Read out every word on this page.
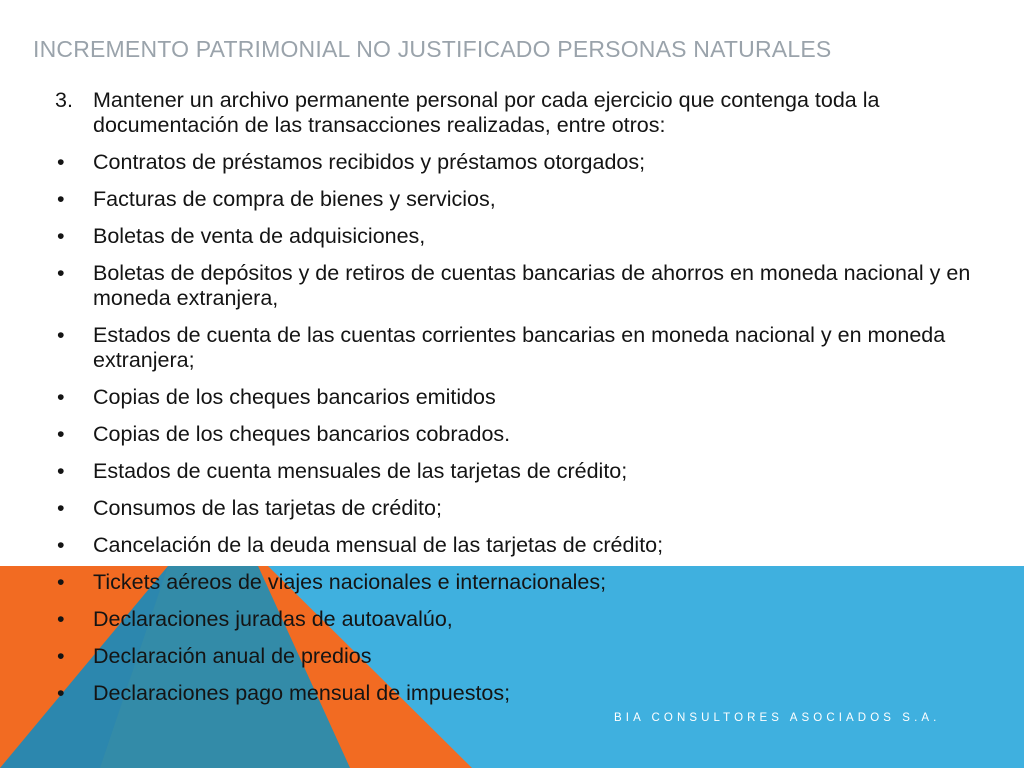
INCREMENTO PATRIMONIAL NO JUSTIFICADO PERSONAS NATURALES
3. Mantener un archivo permanente personal por cada ejercicio que contenga toda la documentación de las transacciones realizadas, entre otros:
• Contratos de préstamos recibidos y préstamos otorgados;
• Facturas de compra de bienes y servicios,
• Boletas de venta de adquisiciones,
• Boletas de depósitos y de retiros de cuentas bancarias de ahorros en moneda nacional y en moneda extranjera,
• Estados de cuenta de las cuentas corrientes bancarias en moneda nacional y en moneda extranjera;
• Copias de los cheques bancarios emitidos
• Copias de los cheques bancarios cobrados.
• Estados de cuenta mensuales de las tarjetas de crédito;
• Consumos de las tarjetas de crédito;
• Cancelación de la deuda mensual de las tarjetas de crédito;
• Tickets aéreos de viajes nacionales e internacionales;
• Declaraciones juradas de autoavalúo,
• Declaración anual de predios
• Declaraciones pago mensual de impuestos;
BIA CONSULTORES ASOCIADOS S.A.
